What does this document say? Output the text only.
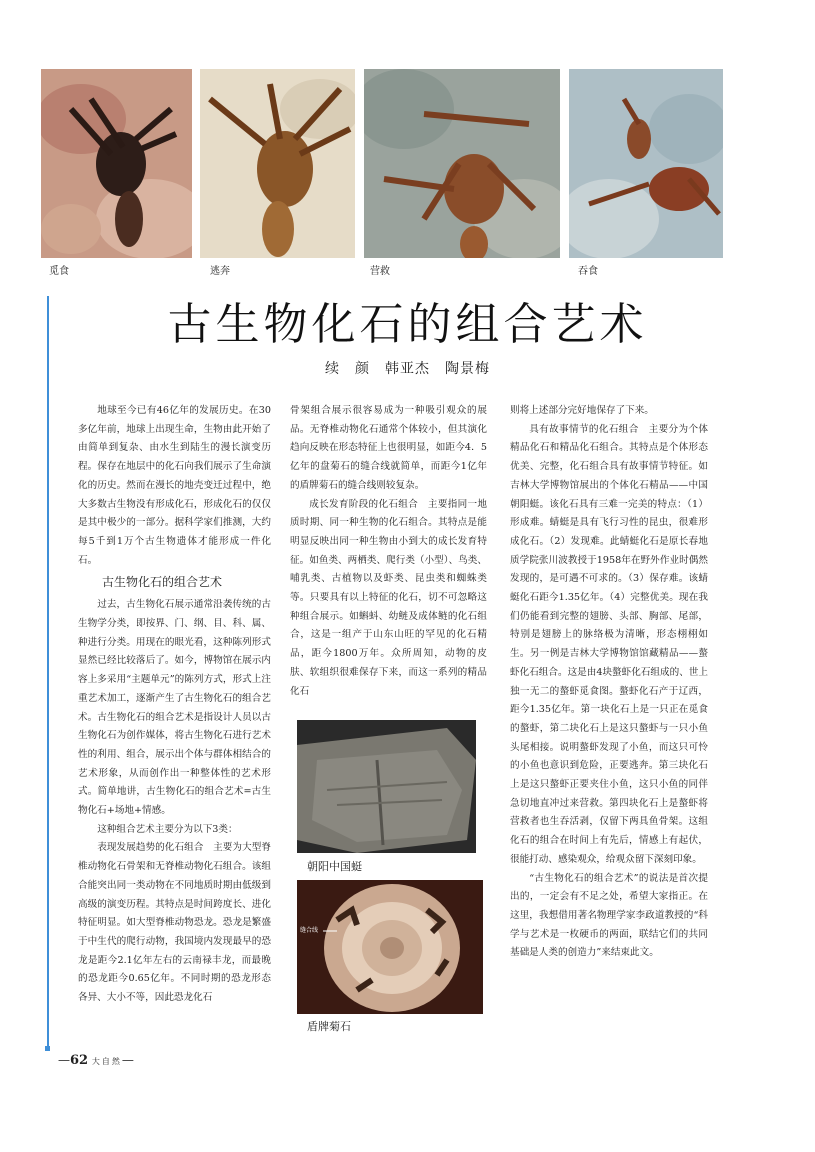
觅食	逃奔	营救	吞食
古生物化石的组合艺术
续　颜　韩亚杰　陶景梅

地球至今已有46亿年的发展历史。在30多亿年前，地球上出现生命，生物由此开始了由简单到复杂、由水生到陆生的漫长演变历程。保存在地层中的化石向我们展示了生命演化的历史。然而在漫长的地壳变迁过程中，绝大多数古生物没有形成化石，形成化石的仅仅是其中极少的一部分。据科学家们推测，大约每5千到1万个古生物遗体才能形成一件化石。

古生物化石的组合艺术

过去，古生物化石展示通常沿袭传统的古生物学分类，即按界、门、纲、目、科、属、种进行分类。用现在的眼光看，这种陈列形式显然已经比较落后了。如今，博物馆在展示内容上多采用“主题单元”的陈列方式，形式上注重艺术加工，逐渐产生了古生物化石的组合艺术。古生物化石的组合艺术是指设计人员以古生物化石为创作媒体，将古生物化石进行艺术性的利用、组合，展示出个体与群体相结合的艺术形象，从而创作出一种整体性的艺术形式。简单地讲，古生物化石的组合艺术=古生物化石+场地+情感。

这种组合艺术主要分为以下3类：

表现发展趋势的化石组合　主要为大型脊椎动物化石骨架和无脊椎动物化石组合。该组合能突出同一类动物在不同地质时期由低级到高级的演变历程。其特点是时间跨度长、进化特征明显。如大型脊椎动物恐龙。恐龙是繁盛于中生代的爬行动物，我国境内发现最早的恐龙是距今2.1亿年左右的云南禄丰龙，而最晚的恐龙距今0.65亿年。不同时期的恐龙形态各异、大小不等，因此恐龙化石

骨架组合展示很容易成为一种吸引观众的展品。无脊椎动物化石通常个体较小，但其演化趋向反映在形态特征上也很明显，如距今4．5亿年的盘菊石的缝合线就简单，而距今1亿年的盾牌菊石的缝合线则较复杂。

成长发育阶段的化石组合　主要指同一地质时期、同一种生物的化石组合。其特点是能明显反映出同一种生物由小到大的成长发育特征。如鱼类、两栖类、爬行类（小型）、鸟类、哺乳类、古植物以及虾类、昆虫类和蜘蛛类等。只要具有以上特征的化石，切不可忽略这种组合展示。如蝌蚪、幼鲢及成体鲢的化石组合，这是一组产于山东山旺的罕见的化石精品，距今1800万年。众所周知，动物的皮肤、软组织很难保存下来，而这一系列的精品化石

朝阳中国蜓
缝合线
盾牌菊石

则将上述部分完好地保存了下来。

具有故事情节的化石组合　主要分为个体精品化石和精品化石组合。其特点是个体形态优美、完整，化石组合具有故事情节特征。如吉林大学博物馆展出的个体化石精品——中国朝阳蜓。该化石具有三难一完美的特点：（1）形成难。蜻蜓是具有飞行习性的昆虫，很难形成化石。（2）发现难。此蜻蜓化石是原长春地质学院张川波教授于1958年在野外作业时偶然发现的，是可遇不可求的。（3）保存难。该蜻蜓化石距今1.35亿年。（4）完整优美。现在我们仍能看到完整的翅膀、头部、胸部、尾部，特别是翅膀上的脉络极为清晰，形态栩栩如生。另一例是吉林大学博物馆馆藏精品——螯虾化石组合。这是由4块螯虾化石组成的、世上独一无二的螯虾觅食图。螯虾化石产于辽西，距今1.35亿年。第一块化石上是一只正在觅食的螯虾，第二块化石上是这只螯虾与一只小鱼头尾相接。说明螯虾发现了小鱼，而这只可怜的小鱼也意识到危险，正要逃奔。第三块化石上是这只螯虾正要夹住小鱼，这只小鱼的同伴急切地直冲过来营救。第四块化石上是螯虾将营救者也生吞活剥，仅留下两具鱼骨架。这组化石的组合在时间上有先后，情感上有起伏，很能打动、感染观众，给观众留下深刻印象。

“古生物化石的组合艺术”的说法是首次提出的，一定会有不足之处，希望大家指正。在这里，我想借用著名物理学家李政道教授的“科学与艺术是一枚硬币的两面，联结它们的共同基础是人类的创造力”来结束此文。

—62 大自然—
